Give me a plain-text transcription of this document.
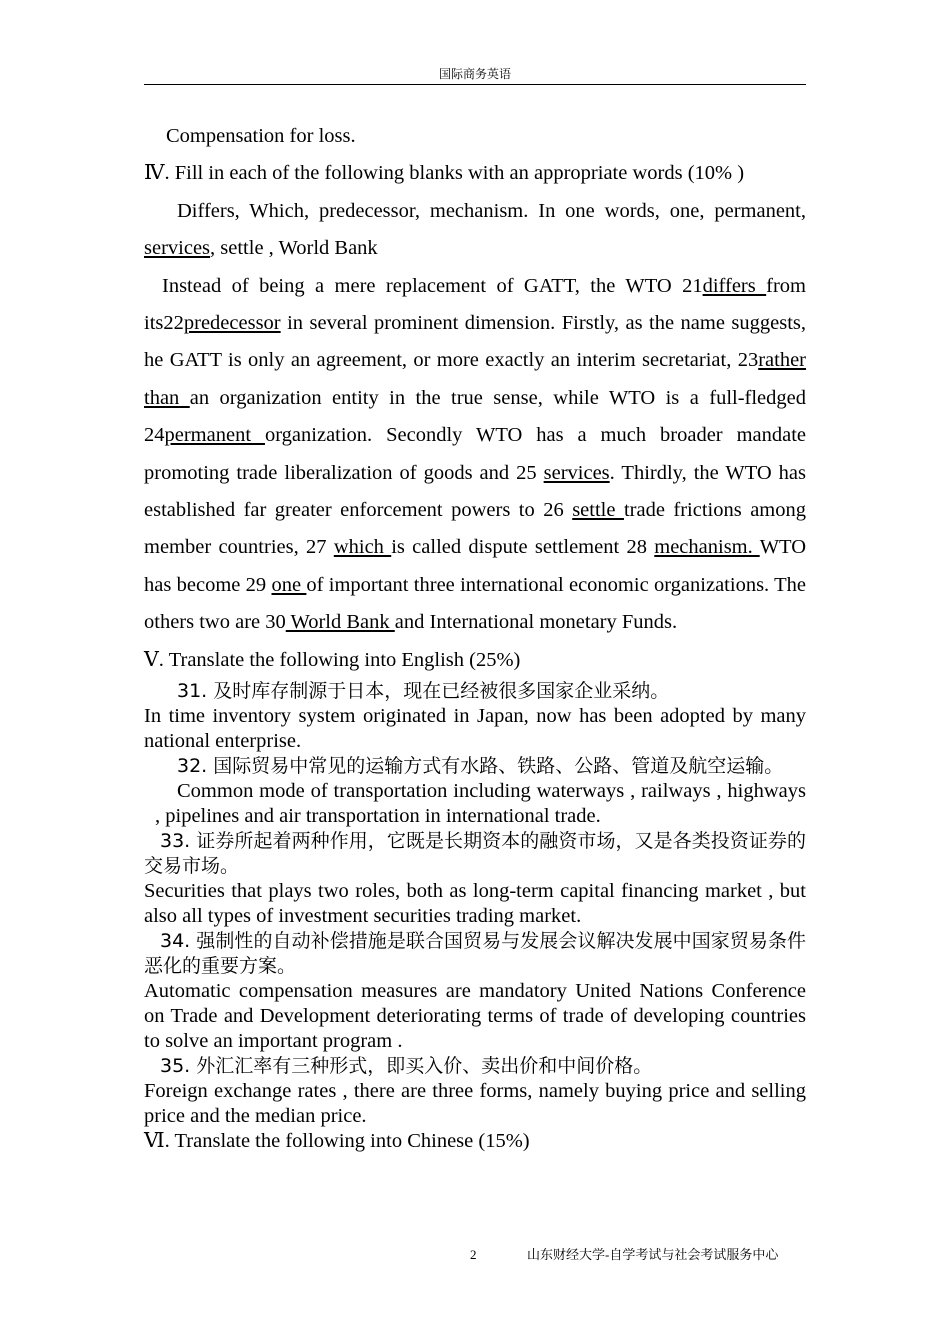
国际商务英语

Compensation for loss.

Ⅳ. Fill in each of the following blanks with an appropriate words (10% )

Differs, Which, predecessor, mechanism. In one words, one, permanent, services, settle , World Bank

Instead of being a mere replacement of GATT, the WTO 21differs from its22predecessor in several prominent dimension. Firstly, as the name suggests, he GATT is only an agreement, or more exactly an interim secretariat, 23rather than an organization entity in the true sense, while WTO is a full-fledged 24permanent organization. Secondly WTO has a much broader mandate promoting trade liberalization of goods and 25 services. Thirdly, the WTO has established far greater enforcement powers to 26 settle trade frictions among member countries, 27 which is called dispute settlement 28 mechanism. WTO has become 29 one of important three international economic organizations. The others two are 30 World Bank and International monetary Funds.

Ⅴ. Translate the following into English (25%)

31. 及时库存制源于日本，现在已经被很多国家企业采纳。

In time inventory system originated in Japan, now has been adopted by many national enterprise.

32. 国际贸易中常见的运输方式有水路、铁路、公路、管道及航空运输。

Common mode of transportation including waterways , railways , highways , pipelines and air transportation in international trade.

33. 证券所起着两种作用，它既是长期资本的融资市场，又是各类投资证券的交易市场。

Securities that plays two roles, both as long-term capital financing market , but also all types of investment securities trading market.

34. 强制性的自动补偿措施是联合国贸易与发展会议解决发展中国家贸易条件恶化的重要方案。

Automatic compensation measures are mandatory United Nations Conference on Trade and Development deteriorating terms of trade of developing countries to solve an important program .

35. 外汇汇率有三种形式，即买入价、卖出价和中间价格。

Foreign exchange rates , there are three forms, namely buying price and selling price and the median price.

Ⅵ. Translate the following into Chinese (15%)

2	山东财经大学-自学考试与社会考试服务中心
